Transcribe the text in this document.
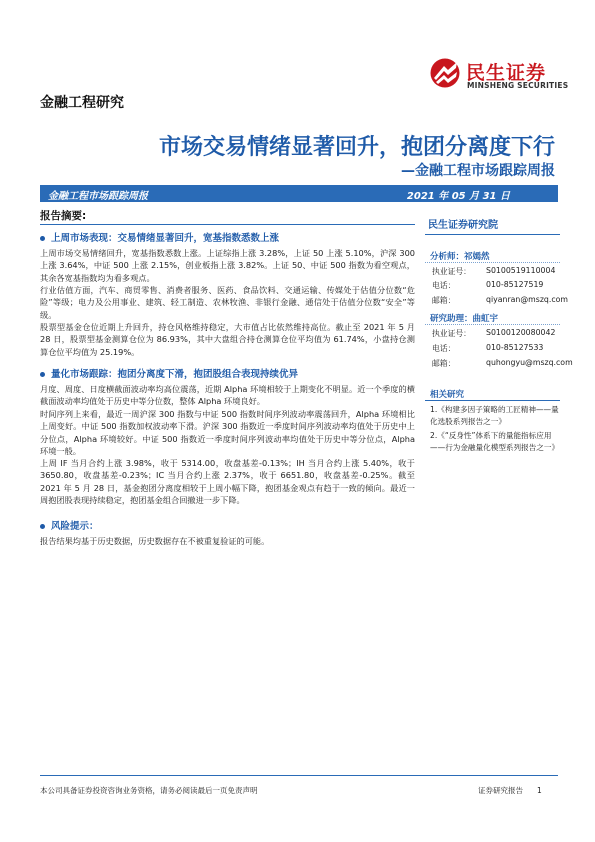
民生证券
MINSHENG SECURITIES
金融工程研究
市场交易情绪显著回升，抱团分离度下行
—金融工程市场跟踪周报
金融工程市场跟踪周报	2021 年 05 月 31 日
报告摘要:
上周市场表现：交易情绪显著回升，宽基指数悉数上涨
上周市场交易情绪回升，宽基指数悉数上涨。上证综指上涨 3.28%，上证 50 上涨 5.10%，沪深 300 上涨 3.64%，中证 500 上涨 2.15%，创业板指上涨 3.82%。上证 50、中证 500 指数为看空观点，其余各宽基指数均为看多观点。
行业估值方面，汽车、商贸零售、消费者服务、医药、食品饮料、交通运输、传媒处于估值分位数“危险”等级；电力及公用事业、建筑、轻工制造、农林牧渔、非银行金融、通信处于估值分位数“安全”等级。
股票型基金仓位近期上升回升，持仓风格维持稳定，大市值占比依然维持高位。截止至 2021 年 5 月 28 日，股票型基金测算仓位为 86.93%，其中大盘组合持仓测算仓位平均值为 61.74%，小盘持仓测算仓位平均值为 25.19%。
量化市场跟踪：抱团分离度下滑，抱团股组合表现持续优异
月度、周度、日度横截面波动率均高位震荡，近期 Alpha 环境相较于上期变化不明显。近一个季度的横截面波动率均值处于历史中等分位数，整体 Alpha 环境良好。
时间序列上来看，最近一周沪深 300 指数与中证 500 指数时间序列波动率震荡回升，Alpha 环境相比上周变好。中证 500 指数加权波动率下滑。沪深 300 指数近一季度时间序列波动率均值处于历史中上分位点，Alpha 环境较好。中证 500 指数近一季度时间序列波动率均值处于历史中等分位点，Alpha 环境一般。
上周 IF 当月合约上涨 3.98%，收于 5314.00，收盘基差-0.13%；IH 当月合约上涨 5.40%，收于 3650.80，收盘基差-0.23%；IC 当月合约上涨 2.37%，收于 6651.80，收盘基差-0.25%。截至 2021 年 5 月 28 日，基金抱团分离度相较于上周小幅下降，抱团基金观点有趋于一致的倾向。最近一周抱团股表现持续稳定，抱团基金组合回撤进一步下降。
风险提示：
报告结果均基于历史数据，历史数据存在不被重复验证的可能。
民生证券研究院
分析师：祁嫣然
执业证号： S0100519110004
电话：	010-85127519
邮箱：	qiyanran@mszq.com
研究助理：曲虹宇
执业证号： S0100120080042
电话：	010-85127533
邮箱：	quhongyu@mszq.com
相关研究
1.《构建多因子策略的工匠精神——量化选股系列报告之一》
2.《“反身性”体系下的量能指标应用——行为金融量化模型系列报告之一》
本公司具备证券投资咨询业务资格，请务必阅读最后一页免责声明	证券研究报告 1
